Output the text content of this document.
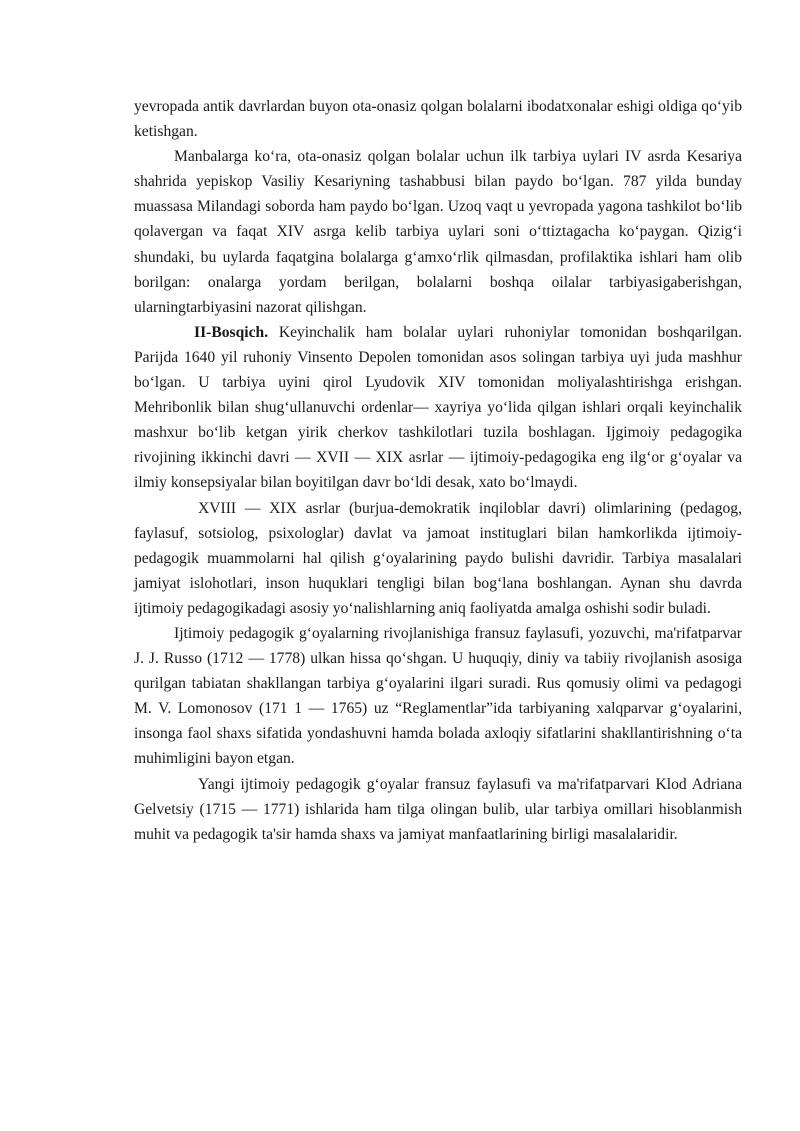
yevropada antik davrlardan buyon ota-onasiz qolgan bolalarni ibodatxonalar eshigi oldiga qo‘yib ketishgan.

Manbalarga ko‘ra, ota-onasiz qolgan bolalar uchun ilk tarbiya uylari IV asrda Kesariya shahrida yepiskop Vasiliy Kesariyning tashabbusi bilan paydo bo‘lgan. 787 yilda bunday muassasa Milandagi soborda ham paydo bo‘lgan. Uzoq vaqt u yevropada yagona tashkilot bo‘lib qolavergan va faqat XIV asrga kelib tarbiya uylari soni o‘ttiztagacha ko‘paygan. Qizig‘i shundaki, bu uylarda faqatgina bolalarga g‘amxo‘rlik qilmasdan, profilaktika ishlari ham olib borilgan: onalarga yordam berilgan, bolalarni boshqa oilalar tarbiyasigaberishgan, ularningtarbiyasini nazorat qilishgan.

II-Bosqich. Keyinchalik ham bolalar uylari ruhoniylar tomonidan boshqarilgan. Parijda 1640 yil ruhoniy Vinsento Depolen tomonidan asos solingan tarbiya uyi juda mashhur bo‘lgan. U tarbiya uyini qirol Lyudovik XIV tomonidan moliyalashtirishga erishgan. Mehribonlik bilan shug‘ullanuvchi ordenlar— xayriya yo‘lida qilgan ishlari orqali keyinchalik mashxur bo‘lib ketgan yirik cherkov tashkilotlari tuzila boshlagan. Ijgimoiy pedagogika rivojining ikkinchi davri — XVII — XIX asrlar — ijtimoiy-pedagogika eng ilg‘or g‘oyalar va ilmiy konsepsiyalar bilan boyitilgan davr bo‘ldi desak, xato bo‘lmaydi.

XVIII — XIX asrlar (burjua-demokratik inqiloblar davri) olimlarining (pedagog, faylasuf, sotsiolog, psixologlar) davlat va jamoat instituglari bilan hamkorlikda ijtimoiy-pedagogik muammolarni hal qilish g‘oyalarining paydo bulishi davridir. Tarbiya masalalari jamiyat islohotlari, inson huquklari tengligi bilan bog‘lana boshlangan. Aynan shu davrda ijtimoiy pedagogikadagi asosiy yo‘nalishlarning aniq faoliyatda amalga oshishi sodir buladi.

Ijtimoiy pedagogik g‘oyalarning rivojlanishiga fransuz faylasufi, yozuvchi, ma'rifatparvar J. J. Russo (1712 — 1778) ulkan hissa qo‘shgan. U huquqiy, diniy va tabiiy rivojlanish asosiga qurilgan tabiatan shakllangan tarbiya g‘oyalarini ilgari suradi. Rus qomusiy olimi va pedagogi M. V. Lomonosov (171 1 — 1765) uz “Reglamentlar”ida tarbiyaning xalqparvar g‘oyalarini, insonga faol shaxs sifatida yondashuvni hamda bolada axloqiy sifatlarini shakllantirishning o‘ta muhimligini bayon etgan.

Yangi ijtimoiy pedagogik g‘oyalar fransuz faylasufi va ma'rifatparvari Klod Adriana Gelvetsiy (1715 — 1771) ishlarida ham tilga olingan bulib, ular tarbiya omillari hisoblanmish muhit va pedagogik ta'sir hamda shaxs va jamiyat manfaatlarining birligi masalalaridir.
